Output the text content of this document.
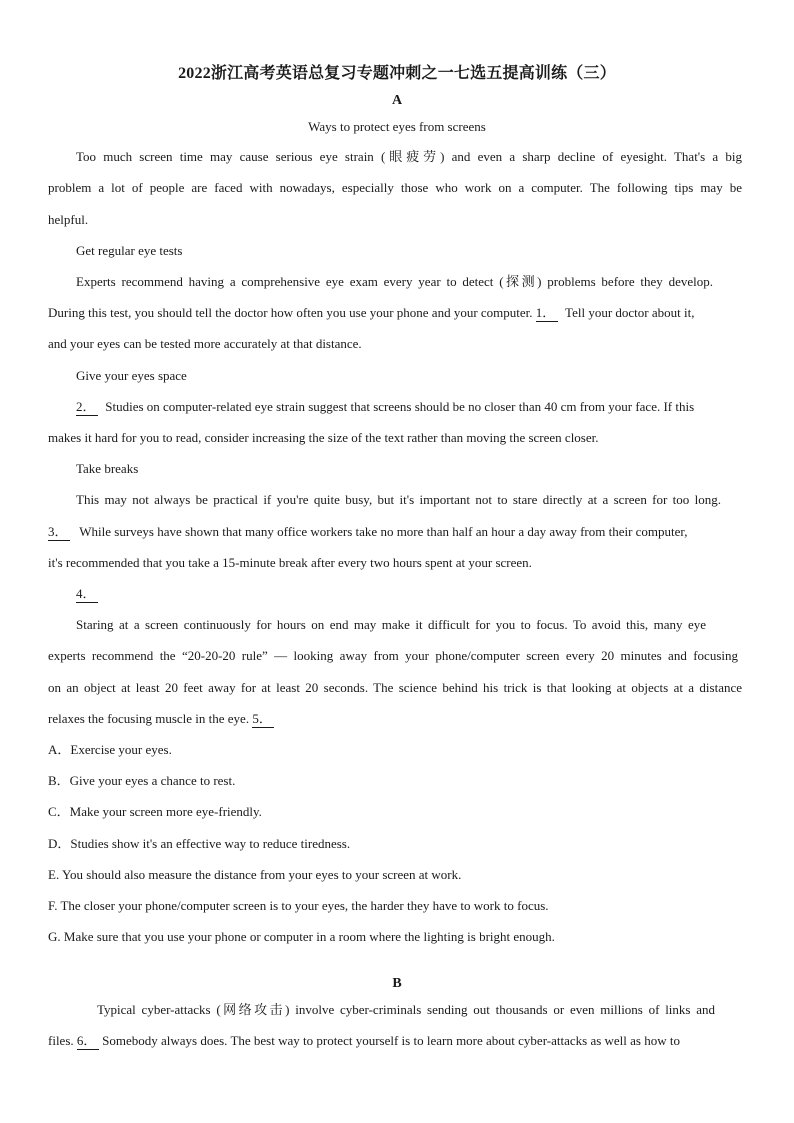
2022浙江高考英语总复习专题冲刺之一七选五提高训练（三）
A
Ways to protect eyes from screens
Too much screen time may cause serious eye strain (眼疲劳) and even a sharp decline of eyesight. That's a big
problem a lot of people are faced with nowadays, especially those who work on a computer. The following tips may be
helpful.
Get regular eye tests
Experts recommend having a comprehensive eye exam every year to detect (探测) problems before they develop.
During this test, you should tell the doctor how often you use your phone and your computer. 1． Tell your doctor about it,
and your eyes can be tested more accurately at that distance.
Give your eyes space
2． Studies on computer-related eye strain suggest that screens should be no closer than 40 cm from your face. If this
makes it hard for you to read, consider increasing the size of the text rather than moving the screen closer.
Take breaks
This may not always be practical if you're quite busy, but it's important not to stare directly at a screen for too long.
3． While surveys have shown that many office workers take no more than half an hour a day away from their computer,
it's recommended that you take a 15-minute break after every two hours spent at your screen.
4．
Staring at a screen continuously for hours on end may make it difficult for you to focus. To avoid this, many eye
experts recommend the “20-20-20 rule” — looking away from your phone/computer screen every 20 minutes and focusing
on an object at least 20 feet away for at least 20 seconds. The science behind his trick is that looking at objects at a distance
relaxes the focusing muscle in the eye. 5．
A．Exercise your eyes.
B．Give your eyes a chance to rest.
C．Make your screen more eye-friendly.
D．Studies show it's an effective way to reduce tiredness.
E. You should also measure the distance from your eyes to your screen at work.
F. The closer your phone/computer screen is to your eyes, the harder they have to work to focus.
G. Make sure that you use your phone or computer in a room where the lighting is bright enough.
B
Typical cyber-attacks (网络攻击) involve cyber-criminals sending out thousands or even millions of links and
files. 6． Somebody always does. The best way to protect yourself is to learn more about cyber-attacks as well as how to
